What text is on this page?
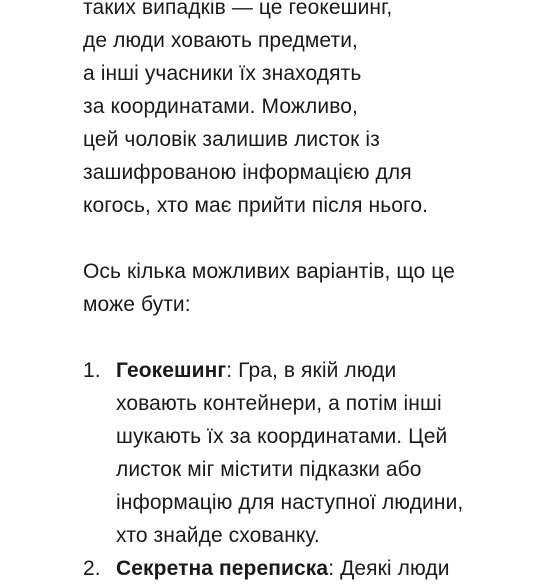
таких випадків — це геокешинг,
де люди ховають предмети,
а інші учасники їх знаходять
за координатами. Можливо,
цей чоловік залишив листок із
зашифрованою інформацією для
когось, хто має прийти після нього.

Ось кілька можливих варіантів, що це
може бути:

1. Геокешинг: Гра, в якій люди
ховають контейнери, а потім інші
шукають їх за координатами. Цей
листок міг містити підказки або
інформацію для наступної людини,
хто знайде схованку.
2. Секретна переписка: Деякі люди
